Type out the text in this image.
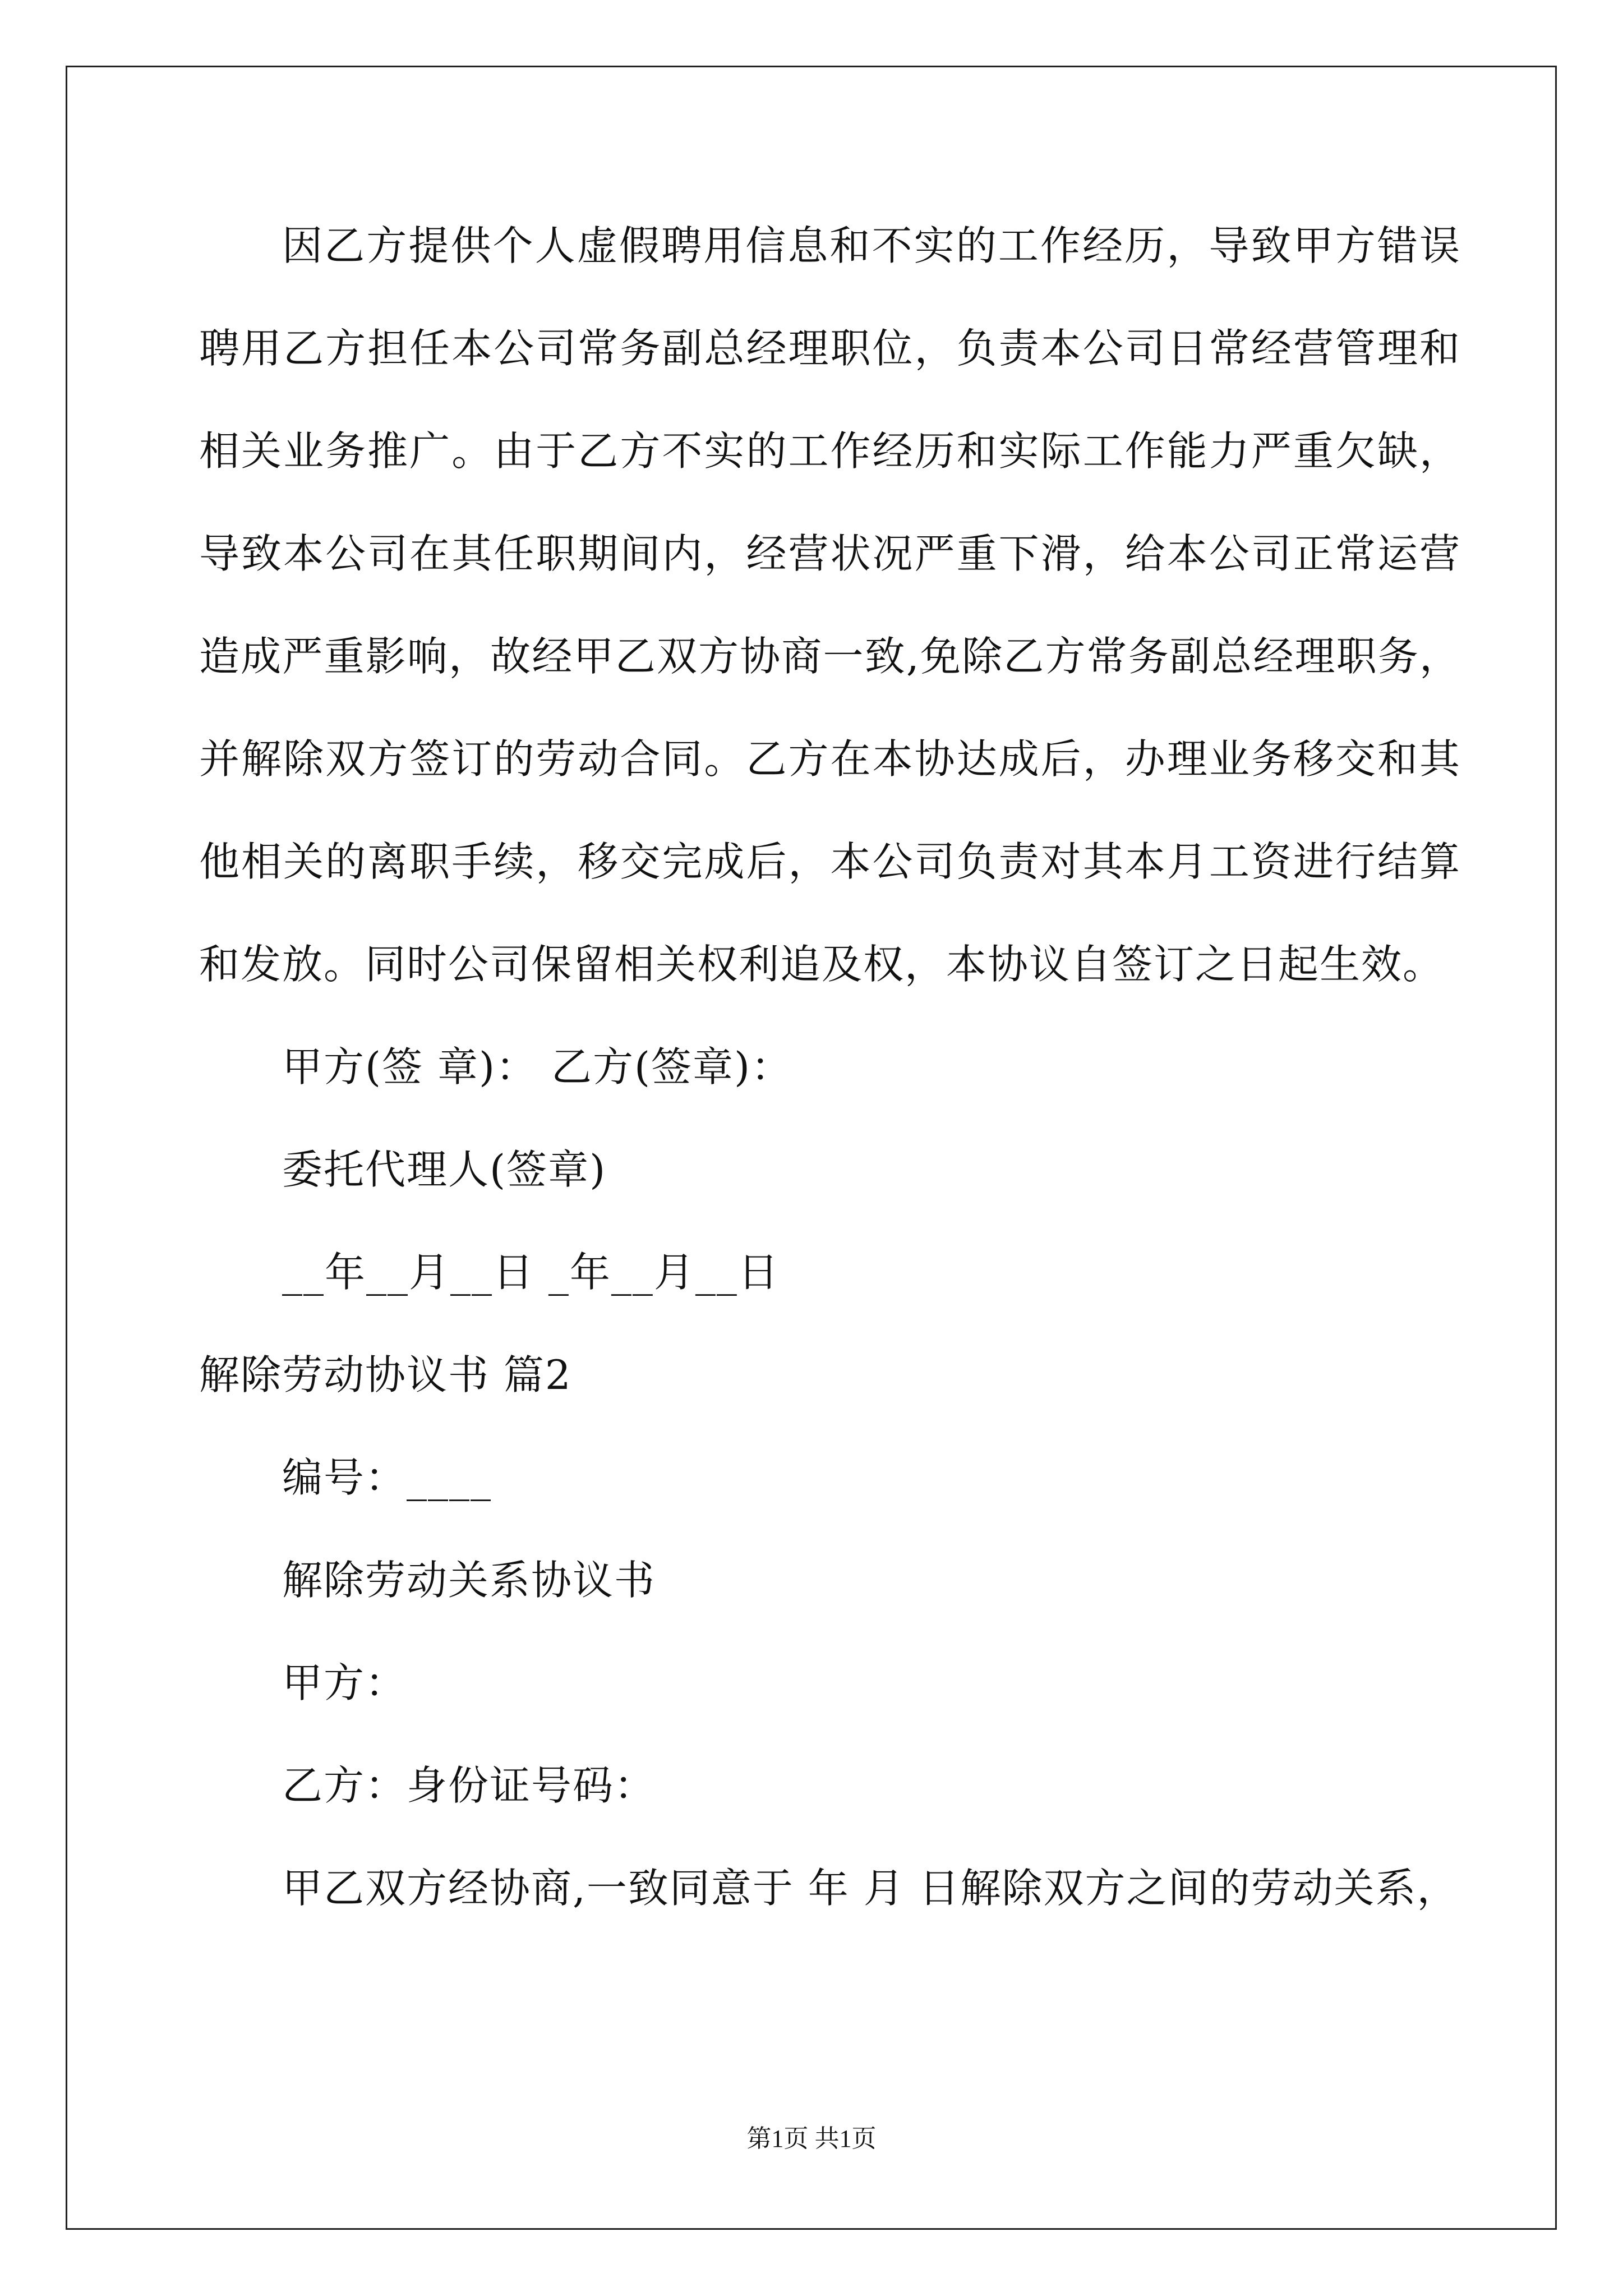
因乙方提供个人虚假聘用信息和不实的工作经历，导致甲方错误
聘用乙方担任本公司常务副总经理职位，负责本公司日常经营管理和
相关业务推广。由于乙方不实的工作经历和实际工作能力严重欠缺，
导致本公司在其任职期间内，经营状况严重下滑，给本公司正常运营
造成严重影响，故经甲乙双方协商一致,免除乙方常务副总经理职务，
并解除双方签订的劳动合同。乙方在本协达成后，办理业务移交和其
他相关的离职手续，移交完成后，本公司负责对其本月工资进行结算
和发放。同时公司保留相关权利追及权，本协议自签订之日起生效。
甲方(签 章)： 乙方(签章)：
委托代理人(签章)
__年__月__日 _年__月__日
解除劳动协议书 篇2
编号：____
解除劳动关系协议书
甲方：
乙方：身份证号码：
甲乙双方经协商,一致同意于 年 月 日解除双方之间的劳动关系，
第1页 共1页
